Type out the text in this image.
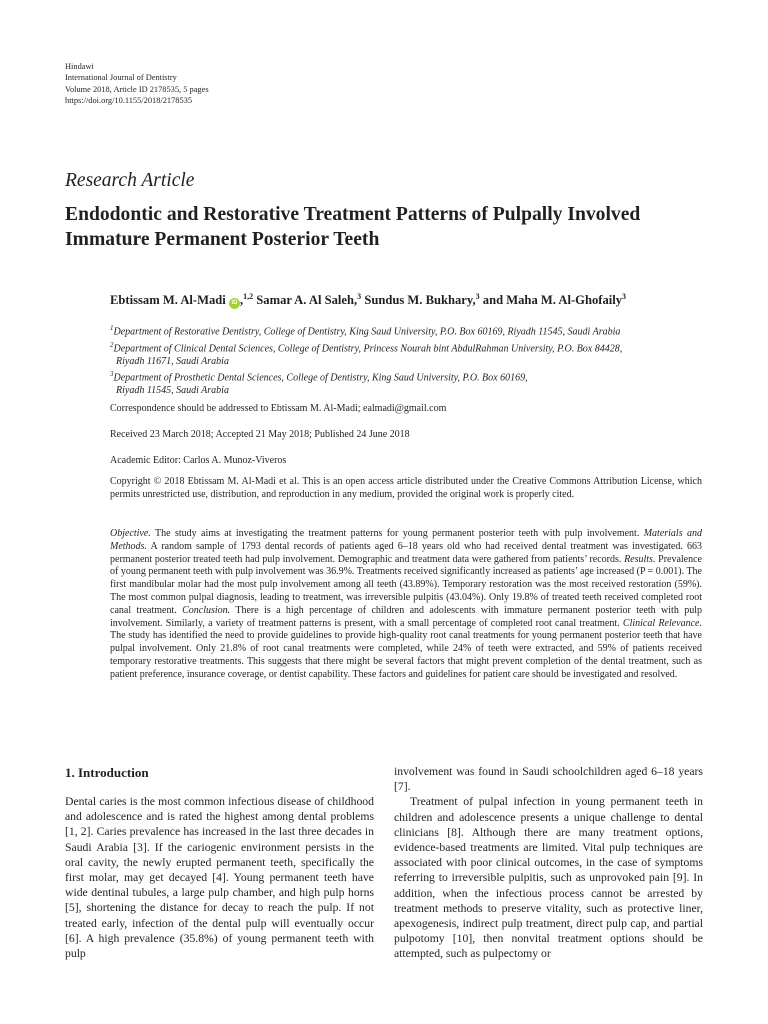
Hindawi
International Journal of Dentistry
Volume 2018, Article ID 2178535, 5 pages
https://doi.org/10.1155/2018/2178535
Research Article
Endodontic and Restorative Treatment Patterns of Pulpally Involved Immature Permanent Posterior Teeth
Ebtissam M. Al-Madi iD ,$^{1,2}$ Samar A. Al Saleh,$^3$ Sundus M. Bukhary,$^3$ and Maha M. Al-Ghofaily$^3$
$^1$Department of Restorative Dentistry, College of Dentistry, King Saud University, P.O. Box 60169, Riyadh 11545, Saudi Arabia
$^2$Department of Clinical Dental Sciences, College of Dentistry, Princess Nourah bint AbdulRahman University, P.O. Box 84428,
Riyadh 11671, Saudi Arabia
$^3$Department of Prosthetic Dental Sciences, College of Dentistry, King Saud University, P.O. Box 60169,
Riyadh 11545, Saudi Arabia
Correspondence should be addressed to Ebtissam M. Al-Madi; ealmadi@gmail.com
Received 23 March 2018; Accepted 21 May 2018; Published 24 June 2018
Academic Editor: Carlos A. Munoz-Viveros
Copyright © 2018 Ebtissam M. Al-Madi et al. This is an open access article distributed under the Creative Commons Attribution License, which permits unrestricted use, distribution, and reproduction in any medium, provided the original work is properly cited.
Objective. The study aims at investigating the treatment patterns for young permanent posterior teeth with pulp involvement. Materials and Methods. A random sample of 1793 dental records of patients aged 6–18 years old who had received dental treatment was investigated. 663 permanent posterior treated teeth had pulp involvement. Demographic and treatment data were gathered from patients’ records. Results. Prevalence of young permanent teeth with pulp involvement was 36.9%. Treatments received significantly increased as patients’ age increased (P = 0.001). The first mandibular molar had the most pulp involvement among all teeth (43.89%). Temporary restoration was the most received restoration (59%). The most common pulpal diagnosis, leading to treatment, was irreversible pulpitis (43.04%). Only 19.8% of treated teeth received completed root canal treatment. Conclusion. There is a high percentage of children and adolescents with immature permanent posterior teeth with pulp involvement. Similarly, a variety of treatment patterns is present, with a small percentage of completed root canal treatment. Clinical Relevance. The study has identified the need to provide guidelines to provide high-quality root canal treatments for young permanent posterior teeth that have pulpal involvement. Only 21.8% of root canal treatments were completed, while 24% of teeth were extracted, and 59% of patients received temporary restorative treatments. This suggests that there might be several factors that might prevent completion of the dental treatment, such as patient preference, insurance coverage, or dentist capability. These factors and guidelines for patient care should be investigated and resolved.
1. Introduction

Dental caries is the most common infectious disease of childhood and adolescence and is rated the highest among dental problems [1, 2]. Caries prevalence has increased in the last three decades in Saudi Arabia [3]. If the cariogenic environment persists in the oral cavity, the newly erupted permanent teeth, specifically the first molar, may get decayed [4]. Young permanent teeth have wide dentinal tubules, a large pulp chamber, and high pulp horns [5], shortening the distance for decay to reach the pulp. If not treated early, infection of the dental pulp will eventually occur [6]. A high prevalence (35.8%) of young permanent teeth with pulp

involvement was found in Saudi schoolchildren aged 6–18 years [7].

Treatment of pulpal infection in young permanent teeth in children and adolescence presents a unique challenge to dental clinicians [8]. Although there are many treatment options, evidence-based treatments are limited. Vital pulp techniques are associated with poor clinical outcomes, in the case of symptoms referring to irreversible pulpitis, such as unprovoked pain [9]. In addition, when the infectious process cannot be arrested by treatment methods to preserve vitality, such as protective liner, apexogenesis, indirect pulp treatment, direct pulp cap, and partial pulpotomy [10], then nonvital treatment options should be attempted, such as pulpectomy or
